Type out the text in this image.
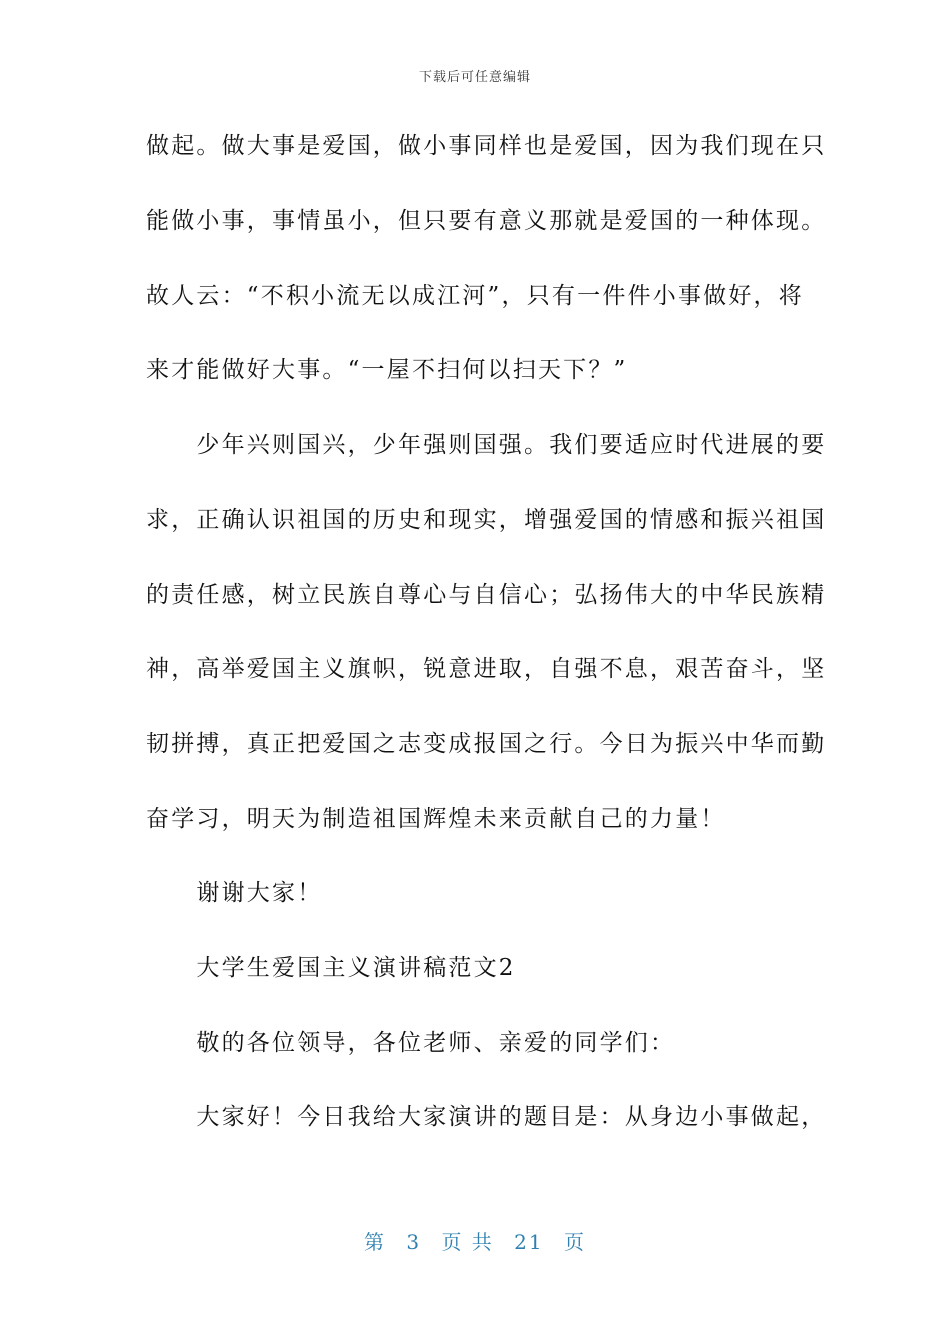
下载后可任意编辑
做起。做大事是爱国，做小事同样也是爱国，因为我们现在只
能做小事，事情虽小，但只要有意义那就是爱国的一种体现。
故人云：“不积小流无以成江河”，只有一件件小事做好，将
来才能做好大事。“一屋不扫何以扫天下？”
　　少年兴则国兴，少年强则国强。我们要适应时代进展的要
求，正确认识祖国的历史和现实，增强爱国的情感和振兴祖国
的责任感，树立民族自尊心与自信心；弘扬伟大的中华民族精
神，高举爱国主义旗帜，锐意进取，自强不息，艰苦奋斗，坚
韧拼搏，真正把爱国之志变成报国之行。今日为振兴中华而勤
奋学习，明天为制造祖国辉煌未来贡献自己的力量！
　　谢谢大家！
　　大学生爱国主义演讲稿范文2
　　敬的各位领导，各位老师、亲爱的同学们：
　　大家好！今日我给大家演讲的题目是：从身边小事做起，
第 3 页 共 21 页
